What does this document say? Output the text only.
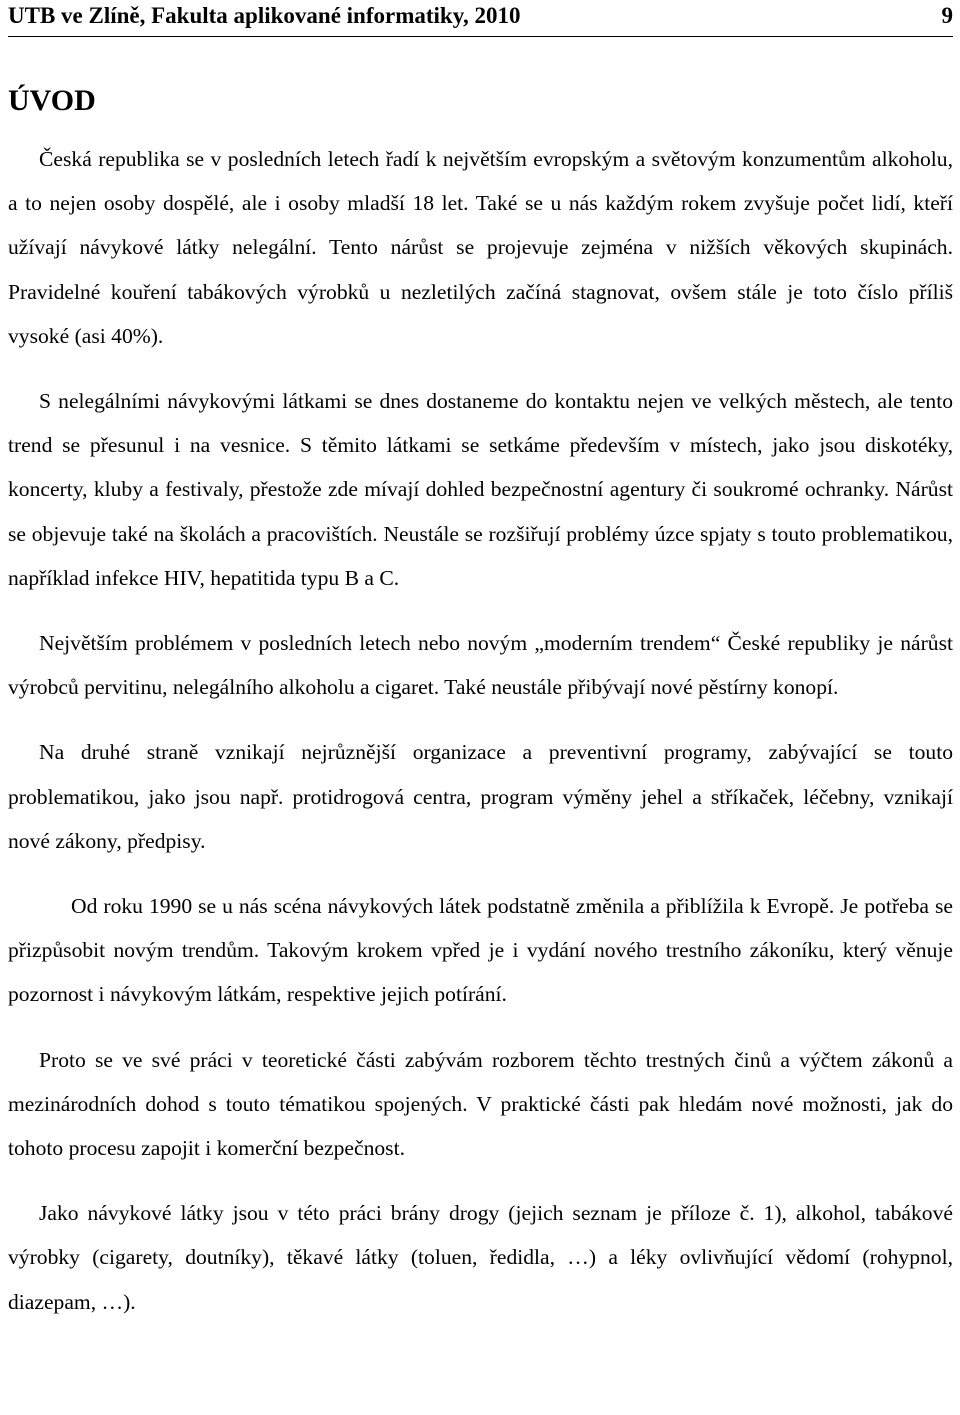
UTB ve Zlíně, Fakulta aplikované informatiky, 2010	9
ÚVOD

Česká republika se v posledních letech řadí k největším evropským a světovým konzumentům alkoholu, a to nejen osoby dospělé, ale i osoby mladší 18 let. Také se u nás každým rokem zvyšuje počet lidí, kteří užívají návykové látky nelegální. Tento nárůst se projevuje zejména v nižších věkových skupinách. Pravidelné kouření tabákových výrobků u nezletilých začíná stagnovat, ovšem stále je toto číslo příliš vysoké (asi 40%).

S nelegálními návykovými látkami se dnes dostaneme do kontaktu nejen ve velkých městech, ale tento trend se přesunul i na vesnice. S těmito látkami se setkáme především v místech, jako jsou diskotéky, koncerty, kluby a festivaly, přestože zde mívají dohled bezpečnostní agentury či soukromé ochranky. Nárůst se objevuje také na školách a pracovištích. Neustále se rozšiřují problémy úzce spjaty s touto problematikou, například infekce HIV, hepatitida typu B a C.

Největším problémem v posledních letech nebo novým „moderním trendem“ České republiky je nárůst výrobců pervitinu, nelegálního alkoholu a cigaret. Také neustále přibývají nové pěstírny konopí.

Na druhé straně vznikají nejrůznější organizace a preventivní programy, zabývající se touto problematikou, jako jsou např. protidrogová centra, program výměny jehel a stříkaček, léčebny, vznikají nové zákony, předpisy.

Od roku 1990 se u nás scéna návykových látek podstatně změnila a přiblížila k Evropě. Je potřeba se přizpůsobit novým trendům. Takovým krokem vpřed je i vydání nového trestního zákoníku, který věnuje pozornost i návykovým látkám, respektive jejich potírání.

Proto se ve své práci v teoretické části zabývám rozborem těchto trestných činů a výčtem zákonů a mezinárodních dohod s touto tématikou spojených. V praktické části pak hledám nové možnosti, jak do tohoto procesu zapojit i komerční bezpečnost.

Jako návykové látky jsou v této práci brány drogy (jejich seznam je příloze č. 1), alkohol, tabákové výrobky (cigarety, doutníky), těkavé látky (toluen, ředidla, …) a léky ovlivňující vědomí (rohypnol, diazepam, …).
